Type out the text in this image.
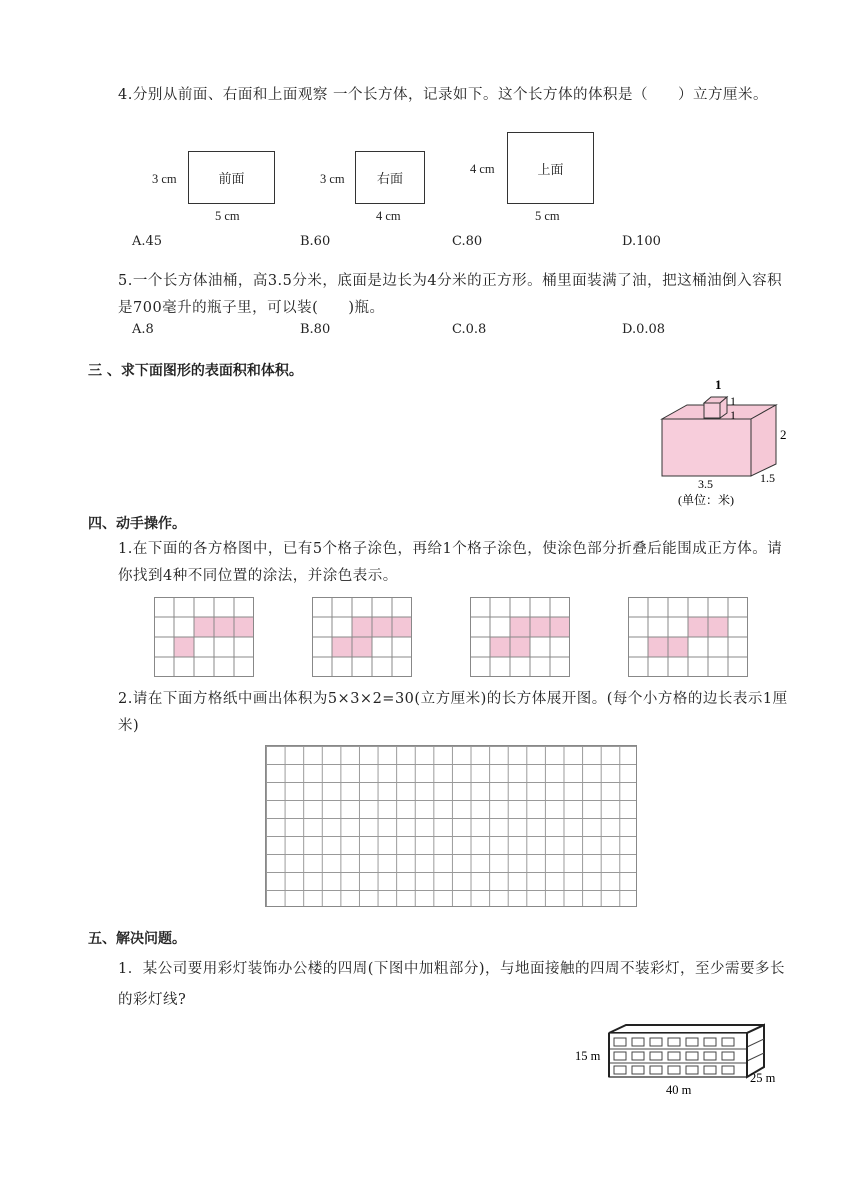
4.分别从前面、右面和上面观察 一个长方体，记录如下。这个长方体的体积是（　　）立方厘米。
3 cm	前面
5 cm
3 cm	右面
4 cm
4 cm	上面
5 cm
A.45	B.60	C.80	D.100
5.一个长方体油桶，高3.5分米，底面是边长为4分米的正方形。桶里面装满了油，把这桶油倒入容积是700毫升的瓶子里，可以装(　　)瓶。
A.8	B.80	C.0.8	D.0.08
三 、求下面图形的表面积和体积。
1
1
1
2
3.5	1.5
(单位：米)
四、动手操作。
1.在下面的各方格图中，已有5个格子涂色，再给1个格子涂色，使涂色部分折叠后能围成正方体。请你找到4种不同位置的涂法，并涂色表示。
2.请在下面方格纸中画出体积为5×3×2=30(立方厘米)的长方体展开图。(每个小方格的边长表示1厘米)
五、解决问题。
1．某公司要用彩灯装饰办公楼的四周(下图中加粗部分)，与地面接触的四周不装彩灯，至少需要多长的彩灯线?
15 m
40 m
25 m
